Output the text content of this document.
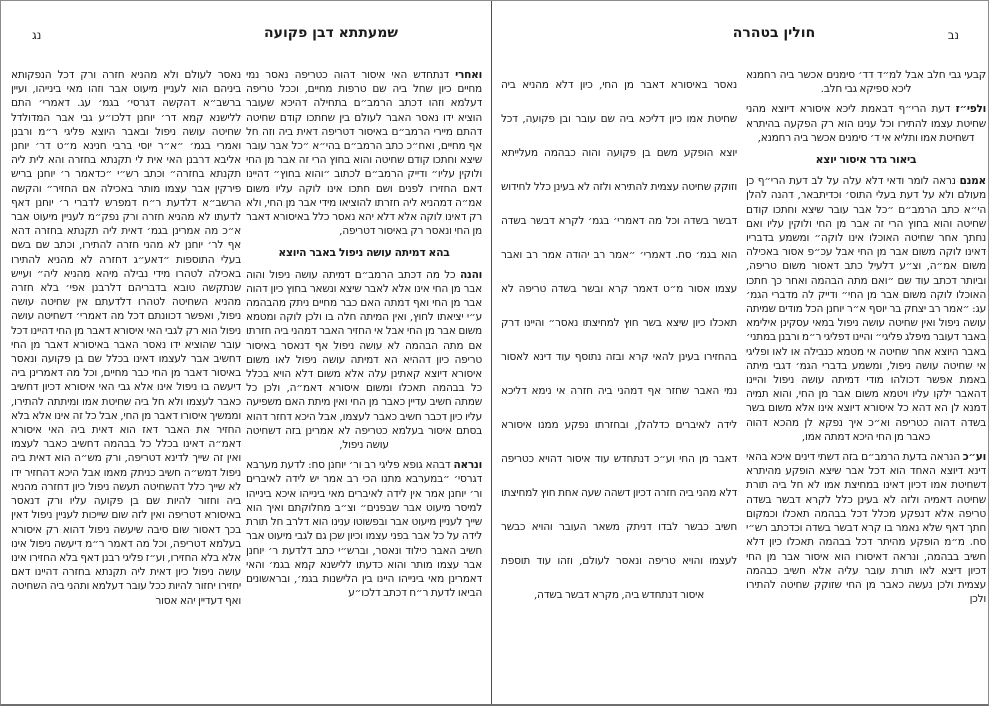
חולין בטהרה	נב

קבעי גבי חלב אבל למ״ד דד׳ סימנים אכשר ביה רחמנא ליכא ספיקא גבי חלב.

ולפי״ז דעת הרי״ף דבאמת ליכא איסורא דיוצא מהני שחיטת עצמו להתירו וכל ענינו הוא רק הפקעה בהיתרא דשחיטת אמו ותליא אי ד׳ סימנים אכשר ביה רחמנא,

ביאור גדר איסור יוצא

אמנם נראה לומר ודאי דלא עלה על לב דעת הרי״ף כן מעולם ולא על דעת בעלי התוס׳ וכדיתבאר, דהנה להלן הי״א כתב הרמב״ם ״כל אבר עובר שיצא וחתכו קודם שחיטה והוא בחוץ הרי זה אבר מן החי ולוקין עליו ואם נחתך אחר שחיטה האוכלו אינו לוקה״ ומשמע בדבריו דאינו לוקה משום אבר מן החי אבל עכ״פ אסור באכילה משום אמ״ה, וצ״ע דלעיל כתב דאסור משום טריפה, וביותר דכתב עוד שם ״ואם מתה הבהמה ואחר כך חתכו האוכלו לוקה משום אבר מן החי״ ודייק לה מדברי הגמ׳ עג: ״אמר רב יצחק בר יוסף א״ר יוחנן הכל מודים שמיתה עושה ניפול ואין שחיטה עושה ניפול במאי עסקינן אילימא באבר דעובר מיפלג פליגי״ והיינו דפליגי ר״מ ורבנן במתני׳ באבר היוצא אחר שחיטה אי מטמא כנבילה או לאו ופליגי אי שחיטה עושה ניפול, ומשמע בדברי הגמ׳ דגבי מיתה באמת אפשר דכולהו מודי דמיתה עושה ניפול והיינו דהאבר ילקו עליו ויטמא משום אבר מן החי, והוא תמיה דמנא לן הא דהא כל איסורא דיוצא אינו אלא משום בשר בשדה דהוה כטריפה וא״כ איך נפקא לן מהכא דהוה כאבר מן החי היכא דמתה אמו,

וע״כ הנראה בדעת הרמב״ם בזה דשתי דינים איכא בהאי דינא דיוצא האחד הוא דכל אבר שיצא הופקע מהיתרא דשחיטת אמו דכיון דאינו במחיצת אמו לא חל ביה תורת שחיטה דאמיה ולזה לא בעינן כלל לקרא דבשר בשדה טריפה אלא דנפקע מכלל דכל בבהמה תאכלו וכמקום חתך דאף שלא נאמר בו קרא דבשר בשדה וכדכתב רש״י סח. מ״מ הופקע מהיתר דכל בבהמה תאכלו כיון דלא חשיב בבהמה, ונראה דאיסורו הוא איסור אבר מן החי דכיון דיצא לאו תורת עובר עליה אלא חשיב כבהמה עצמית ולכן נעשה כאבר מן החי שזוקק שחיטה להתירו ולכן

נאסר באיסורא דאבר מן החי, כיון דלא מהניא ביה שחיטת אמו כיון דליכא ביה שם עובר ובן פקועה, דכל יוצא הופקע משם בן פקועה והוה כבהמה מעלייתא וזוקק שחיטה עצמית להתירא ולזה לא בעינן כלל לחידוש דבשר בשדה וכל מה דאמרי׳ בגמ׳ לקרא דבשר בשדה הוא בגמ׳ סח. דאמרי׳ ״אמר רב יהודה אמר רב ואבר עצמו אסור מ״ט דאמר קרא ובשר בשדה טריפה לא תאכלו כיון שיצא בשר חוץ למחיצתו נאסר״ והיינו דרק בהחזירו בעינן להאי קרא ובזה נתוסף עוד דינא לאסור נמי האבר שחזר אף דמהני ביה חזרה אי נימא דליכא לידה לאיברים כדלהלן, ובחזרתו נפקע ממנו איסורא דאבר מן החי וע״כ דנתחדש עוד איסור דהויא כטריפה דלא מהני ביה חזרה דכיון דשהה שעה אחת חוץ למחיצתו חשיב כבשר לבדו דניתק משאר העובר והויא כבשר לעצמו והויא טריפה ונאסר לעולם, וזהו עוד תוספת איסור דנתחדש ביה, מקרא דבשר בשדה,

שמעתתא דבן פקועה
נג

ואחרי דנתחדש האי איסור דהוה כטריפה נאסר נמי מחיים כיון שחל ביה שם טרפות מחיים, וככל טריפה דעלמא וזהו דכתב הרמב״ם בתחילה דהיכא שעובר הוציא ידו נאסר האבר לעולם בין שחתכו קודם שחיטה דהתם מיירי הרמב״ם באיסור דטריפה דאית ביה וזה חל אף מחיים, ואח״כ כתב הרמב״ם בהי״א ״כל אבר עובר שיצא וחתכו קודם שחיטה והוא בחוץ הרי זה אבר מן החי ולוקין עליו״ ודייק הרמב״ם לכתוב ״והוא בחוץ״ דהיינו דאם החזירו לפנים ושם חתכו אינו לוקה עליו משום אמ״ה דמהניא ליה חזרתו להוציאו מידי אבר מן החי, ולא רק דאינו לוקה אלא דלא יהא נאסר כלל באיסורא דאבר מן החי ונאסר רק באיסור דטריפה,

בהא דמיתה עושה ניפול באבר היוצא

והנה כל מה דכתב הרמב״ם דמיתה עושה ניפול והוה אבר מן החי אינו אלא לאבר שיצא ונשאר בחוץ כיון דהוה אבר מן החי ואף דמתה האם כבר מחיים ניתק מהבהמה ע״י יציאתו לחוץ, ואין המיתה חלה בו ולכן לוקה ומטמא משום אבר מן החי אבל אי החזיר האבר דמהני ביה חזרתו אם מתה הבהמה לא עושה ניפול אף דנאסר באיסור טריפה כיון דההיא הא דמיתה עושה ניפול לאו משום איסורא דיוצא קאתינן עלה אלא משום דלא הויא בכלל כל בבהמה תאכלו ומשום איסורא דאמ״ה, ולכן כל שמתה חשיב עדיין כאבר מן החי ואין מיתת האם משפיעה עליו כיון דכבר חשיב כאבר לעצמו, אבל היכא דחזר דהוא בסתם איסור בעלמא כטריפה לא אמרינן בזה דשחיטה עושה ניפול,

ונראה דבהא גופא פליגי רב ור׳ יוחנן סח: לדעת מערבא דגרסי׳ ״במערבא מתנו הכי רב אמר יש לידה לאיברים ור׳ יוחנן אמר אין לידה לאיברים מאי בינייהו איכא בינייהו למיסר מיעוט אבר שבפנים״ וצ״ב מחלוקתם ואיך הוא שייך לעניין מיעוט אבר ובפשוטו ענינו הוא דלרב חל תורת לידה על כל אבר בפני עצמו וכיון שכן גם לגבי מיעוט אבר חשיב האבר כילוד ונאסר, וברש״י כתב דלדעת ר׳ יוחנן אבר עצמו מותר והוא כדעתו ללישנא קמא בגמ׳ והאי דאמרינן מאי בינייהו היינו בין הלישנות בגמ׳, ובראשונים הביאו לדעת ר״ח דכתב דלכו״ע

נאסר לעולם ולא מהניא חזרה ורק דכל הנפקותא ביניהם הוא לעניין מיעוט אבר וזהו מאי בינייהו, ועיין ברשב״א דהקשה דגרסי׳ בגמ׳ עג. דאמרי׳ התם ללישנא קמא דר׳ יוחנן דלכו״ע גבי אבר המדולדל שחיטה עושה ניפול ובאבר היוצא פליגי ר״מ ורבנן ואמרי בגמ׳ ״א״ר יוסי ברבי חנינא מ״ט דר׳ יוחנן אליבא דרבנן האי אית לי תקנתא בחזרה והא לית ליה תקנתא בחזרה״ וכתב רש״י ״כדאמר ר׳ יוחנן בריש פירקין אבר עצמו מותר באכילה אם החזיר״ והקשה הרשב״א דלדעת ר״ח דמפרש לדברי ר׳ יוחנן דאף לדעתו לא מהניא חזרה ורק נפק״מ לעניין מיעוט אבר א״כ מה אמרינן בגמ׳ דאית ליה תקנתא בחזרה דהא אף לר׳ יוחנן לא מהני חזרה להתירו, וכתב שם בשם בעלי התוספות ״דאע״ג דחזרה לא מהניא להתירו באכילה לטהרו מידי נבילה מיהא מהניא ליה״ ועייש שנתקשה טובא בדבריהם דלרבנן אפי׳ בלא חזרה מהניא השחיטה לטהרו דלדעתם אין שחיטה עושה ניפול, ואפשר דכוונתם דכל מה דאמרי׳ דשחיטה עושה ניפול הוא רק לגבי האי איסורא דאבר מן החי דהיינו דכל עובר שהוציא ידו נאסר האבר באיסורא דאבר מן החי דחשיב אבר לעצמו דאינו בכלל שם בן פקועה ונאסר באיסור דאבר מן החי כבר מחיים, וכל מה דאמרינן ביה דיעשה בו ניפול אינו אלא גבי האי איסורא דכיון דחשיב כאבר לעצמו ולא חל ביה שחיטת אמו ומיתתה להתירו, וממשיך איסורו דאבר מן החי, אבל כל זה אינו אלא בלא החזיר את האבר דאז הוא דאית ביה האי איסורא דאמ״ה דאינו בכלל כל בבהמה דחשיב כאבר לעצמו ואין זה שייך לדינא דטריפה, ורק מש״ה הוא דאית ביה ניפול דמש״ה חשיב כניתק מאמו אבל היכא דהחזיר ידו לא שייך כלל דהשחיטה תעשה ניפול כיון דחזרה מהניא ביה וחזור להיות שם בן פקועה עליו ורק דנאסר באיסורא דטריפה ואין לזה שום שייכות לעניין ניפול דאין בכך דאסור שום סיבה שיעשה ניפול דהוא רק איסורא בעלמא דטריפה, וכל מה דאמר ר״מ דיעשה ניפול אינו אלא בלא החזירו, וע״ז פליגי רבנן דאף בלא החזירו אינו עושה ניפול כיון דאית ליה תקנתא בחזרה דהיינו דאם יחזירו יחזור להיות ככל עובר דעלמא ותהני ביה השחיטה ואף דעדיין יהא אסור
